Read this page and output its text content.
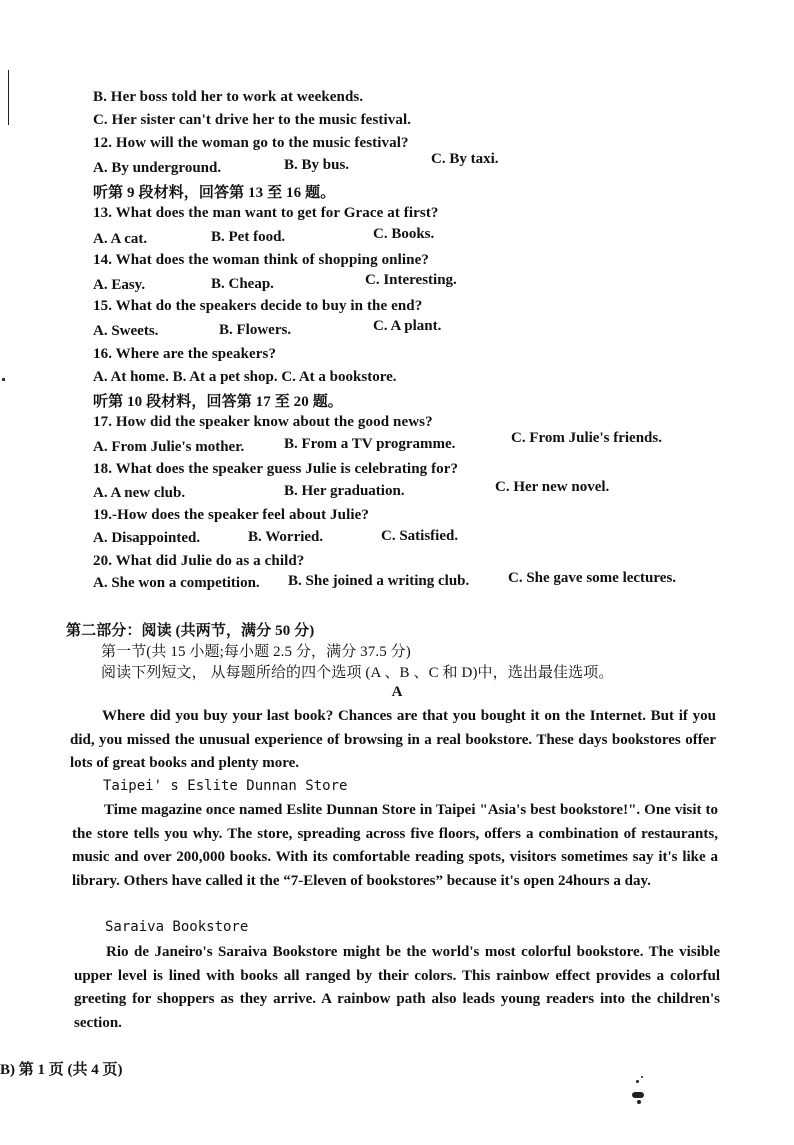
B. Her boss told her to work at weekends.
C. Her sister can't drive her to the music festival.
12. How will the woman go to the music festival?
A. By underground.	B. By bus.	C. By taxi.
听第 9 段材料，回答第 13 至 16 题。
13. What does the man want to get for Grace at first?
A. A cat.	B. Pet food.	C. Books.
14. What does the woman think of shopping online?
A. Easy.	B. Cheap.	C. Interesting.
15. What do the speakers decide to buy in the end?
A. Sweets.	B. Flowers.	C. A plant.
16. Where are the speakers?
A. At home. B. At a pet shop. C. At a bookstore.
听第 10 段材料，回答第 17 至 20 题。
17. How did the speaker know about the good news?
A. From Julie's mother.	B. From a TV programme.	C. From Julie's friends.
18. What does the speaker guess Julie is celebrating for?
A. A new club.	B. Her graduation.	C. Her new novel.
19.-How does the speaker feel about Julie?
A. Disappointed.	B. Worried.	C. Satisfied.
20. What did Julie do as a child?
A. She won a competition. B. She joined a writing club.	C. She gave some lectures.
第二部分：阅读 (共两节，满分 50 分)
第一节(共 15 小题;每小题 2.5 分，满分 37.5 分)
阅读下列短文， 从每题所给的四个选项 (A 、B 、C 和 D)中，选出最佳选项。
A
Where did you buy your last book? Chances are that you bought it on the Internet. But if you did, you missed the unusual experience of browsing in a real bookstore. These days bookstores offer lots of great books and plenty more.
Taipei' s Eslite Dunnan Store
Time magazine once named Eslite Dunnan Store in Taipei "Asia's best bookstore!". One visit to the store tells you why. The store, spreading across five floors, offers a combination of restaurants, music and over 200,000 books. With its comfortable reading spots, visitors sometimes say it's like a library. Others have called it the “7-Eleven of bookstores” because it's open 24hours a day.
Saraiva Bookstore
Rio de Janeiro's Saraiva Bookstore might be the world's most colorful bookstore. The visible upper level is lined with books all ranged by their colors. This rainbow effect provides a colorful greeting for shoppers as they arrive. A rainbow path also leads young readers into the children's section.
B) 第 1 页 (共 4 页)
